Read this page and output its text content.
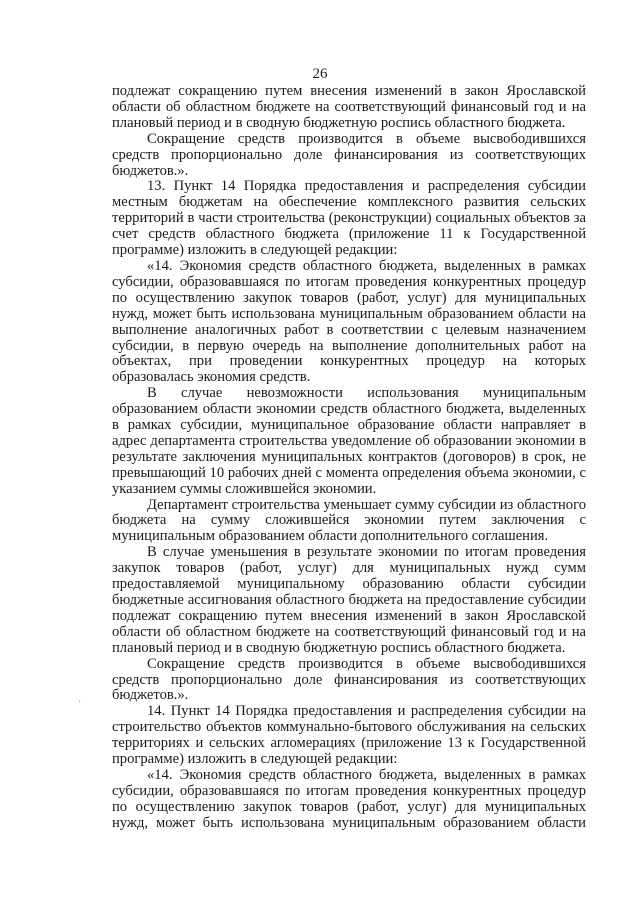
26
,

подлежат сокращению путем внесения изменений в закон Ярославской области об областном бюджете на соответствующий финансовый год и на плановый период и в сводную бюджетную роспись областного бюджета.

Сокращение средств производится в объеме высвободившихся средств пропорционально доле финансирования из соответствующих бюджетов.».

13. Пункт 14 Порядка предоставления и распределения субсидии местным бюджетам на обеспечение комплексного развития сельских территорий в части строительства (реконструкции) социальных объектов за счет средств областного бюджета (приложение 11 к Государственной программе) изложить в следующей редакции:

«14. Экономия средств областного бюджета, выделенных в рамках субсидии, образовавшаяся по итогам проведения конкурентных процедур по осуществлению закупок товаров (работ, услуг) для муниципальных нужд, может быть использована муниципальным образованием области на выполнение аналогичных работ в соответствии с целевым назначением субсидии, в первую очередь на выполнение дополнительных работ на объектах, при проведении конкурентных процедур на которых образовалась экономия средств.

В случае невозможности использования муниципальным образованием области экономии средств областного бюджета, выделенных в рамках субсидии, муниципальное образование области направляет в адрес департамента строительства уведомление об образовании экономии в результате заключения муниципальных контрактов (договоров) в срок, не превышающий 10 рабочих дней с момента определения объема экономии, с указанием суммы сложившейся экономии.

Департамент строительства уменьшает сумму субсидии из областного бюджета на сумму сложившейся экономии путем заключения с муниципальным образованием области дополнительного соглашения.

В случае уменьшения в результате экономии по итогам проведения закупок товаров (работ, услуг) для муниципальных нужд сумм предоставляемой муниципальному образованию области субсидии бюджетные ассигнования областного бюджета на предоставление субсидии подлежат сокращению путем внесения изменений в закон Ярославской области об областном бюджете на соответствующий финансовый год и на плановый период и в сводную бюджетную роспись областного бюджета.

Сокращение средств производится в объеме высвободившихся средств пропорционально доле финансирования из соответствующих бюджетов.».

14. Пункт 14 Порядка предоставления и распределения субсидии на строительство объектов коммунально-бытового обслуживания на сельских территориях и сельских агломерациях (приложение 13 к Государственной программе) изложить в следующей редакции:

«14. Экономия средств областного бюджета, выделенных в рамках субсидии, образовавшаяся по итогам проведения конкурентных процедур по осуществлению закупок товаров (работ, услуг) для муниципальных нужд, может быть использована муниципальным образованием области
